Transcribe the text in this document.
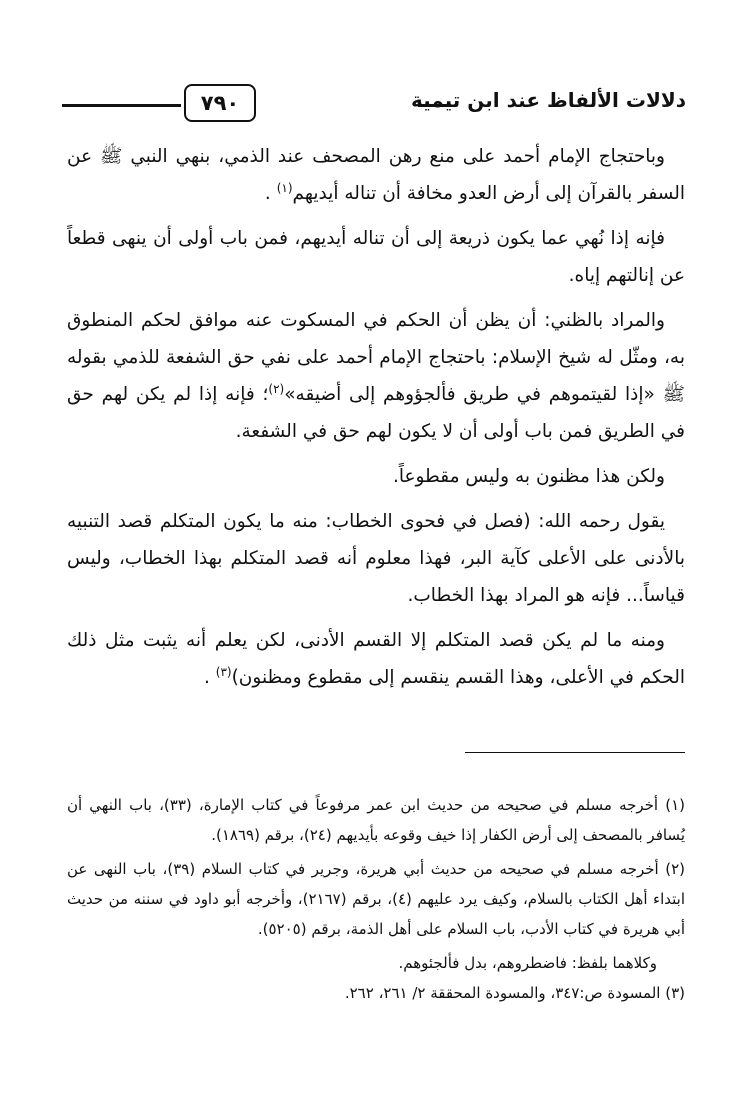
٧٩٠	دلالات الألفاظ عند ابن تيمية

وباحتجاج الإمام أحمد على منع رهن المصحف عند الذمي، بنهي النبي ﷺ عن السفر بالقرآن إلى أرض العدو مخافة أن تناله أيديهم$^{(١)}$ .

فإنه إذا نُهي عما يكون ذريعة إلى أن تناله أيديهم، فمن باب أولى أن ينهى قطعاً عن إنالتهم إياه.

والمراد بالظني: أن يظن أن الحكم في المسكوت عنه موافق لحكم المنطوق به، ومثّل له شيخ الإسلام: باحتجاج الإمام أحمد على نفي حق الشفعة للذمي بقوله ﷺ «إذا لقيتموهم في طريق فألجؤوهم إلى أضيقه»$^{(٢)}$؛ فإنه إذا لم يكن لهم حق في الطريق فمن باب أولى أن لا يكون لهم حق في الشفعة.

ولكن هذا مظنون به وليس مقطوعاً.

يقول رحمه الله: (فصل في فحوى الخطاب: منه ما يكون المتكلم قصد التنبيه بالأدنى على الأعلى كآية البر، فهذا معلوم أنه قصد المتكلم بهذا الخطاب، وليس قياساً... فإنه هو المراد بهذا الخطاب.

ومنه ما لم يكن قصد المتكلم إلا القسم الأدنى، لكن يعلم أنه يثبت مثل ذلك الحكم في الأعلى، وهذا القسم ينقسم إلى مقطوع ومظنون)$^{(٣)}$ .

(١) أخرجه مسلم في صحيحه من حديث ابن عمر مرفوعاً في كتاب الإمارة، (٣٣)، باب النهي أن يُسافر بالمصحف إلى أرض الكفار إذا خيف وقوعه بأيديهم (٢٤)، برقم (١٨٦٩).

(٢) أخرجه مسلم في صحيحه من حديث أبي هريرة، وجرير في كتاب السلام (٣٩)، باب النهى عن ابتداء أهل الكتاب بالسلام، وكيف يرد عليهم (٤)، برقم (٢١٦٧)، وأخرجه أبو داود في سننه من حديث أبي هريرة في كتاب الأدب، باب السلام على أهل الذمة، برقم (٥٢٠٥).

وكلاهما بلفظ: فاضطروهم، بدل فألجئوهم.

(٣) المسودة ص:٣٤٧، والمسودة المحققة ٢/ ٢٦١، ٢٦٢.
